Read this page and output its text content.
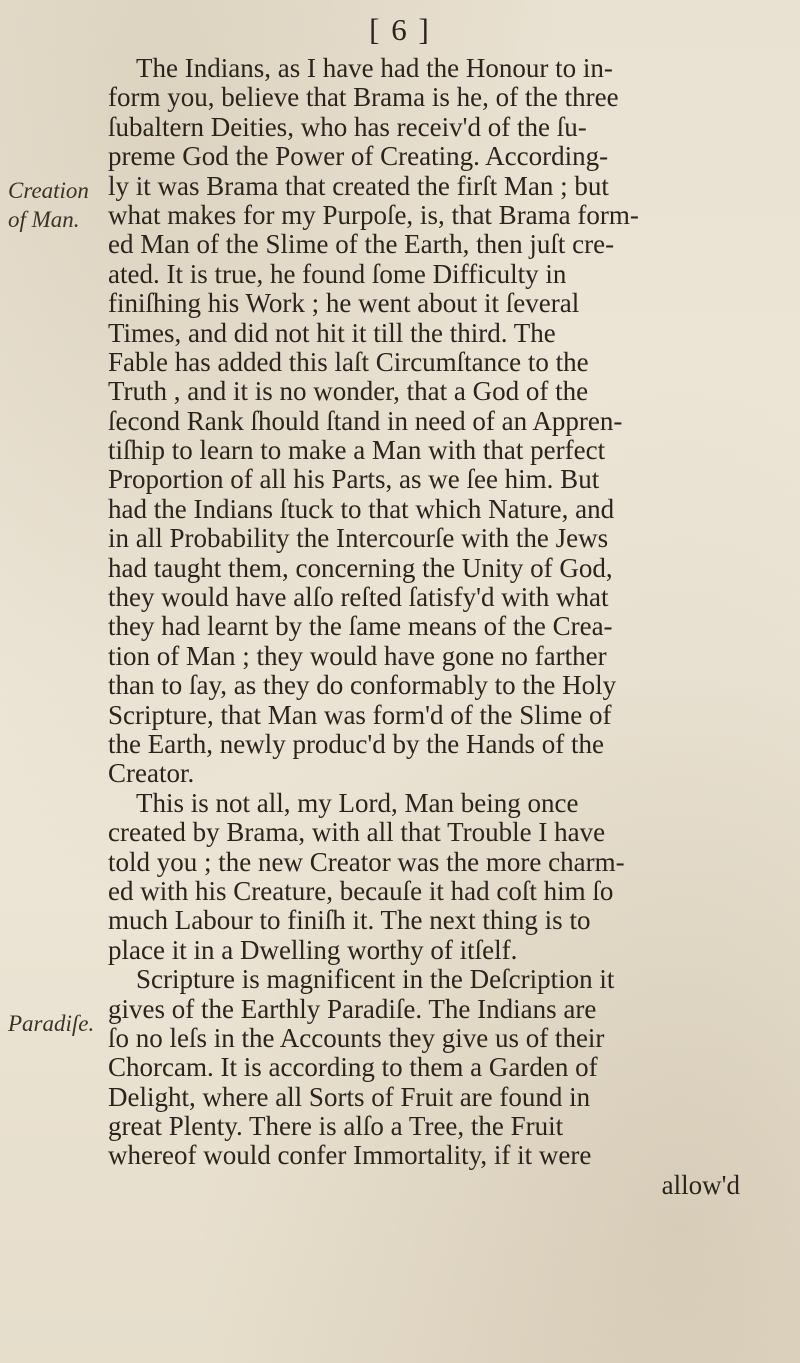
[ 6 ]
Creation
of Man.
Paradiſe.
The Indians, as I have had the Honour to in-
form you, believe that Brama is he, of the three
ſubaltern Deities, who has receiv'd of the ſu-
preme God the Power of Creating. According-
ly it was Brama that created the firſt Man ; but
what makes for my Purpoſe, is, that Brama form-
ed Man of the Slime of the Earth, then juſt cre-
ated. It is true, he found ſome Difficulty in
finiſhing his Work ; he went about it ſeveral
Times, and did not hit it till the third. The
Fable has added this laſt Circumſtance to the
Truth , and it is no wonder, that a God of the
ſecond Rank ſhould ſtand in need of an Appren-
tiſhip to learn to make a Man with that perfect
Proportion of all his Parts, as we ſee him. But
had the Indians ſtuck to that which Nature, and
in all Probability the Intercourſe with the Jews
had taught them, concerning the Unity of God,
they would have alſo reſted ſatisfy'd with what
they had learnt by the ſame means of the Crea-
tion of Man ; they would have gone no farther
than to ſay, as they do conformably to the Holy
Scripture, that Man was form'd of the Slime of
the Earth, newly produc'd by the Hands of the
Creator.
This is not all, my Lord, Man being once
created by Brama, with all that Trouble I have
told you ; the new Creator was the more charm-
ed with his Creature, becauſe it had coſt him ſo
much Labour to finiſh it. The next thing is to
place it in a Dwelling worthy of itſelf.
Scripture is magnificent in the Deſcription it
gives of the Earthly Paradiſe. The Indians are
ſo no leſs in the Accounts they give us of their
Chorcam. It is according to them a Garden of
Delight, where all Sorts of Fruit are found in
great Plenty. There is alſo a Tree, the Fruit
whereof would confer Immortality, if it were
allow'd
